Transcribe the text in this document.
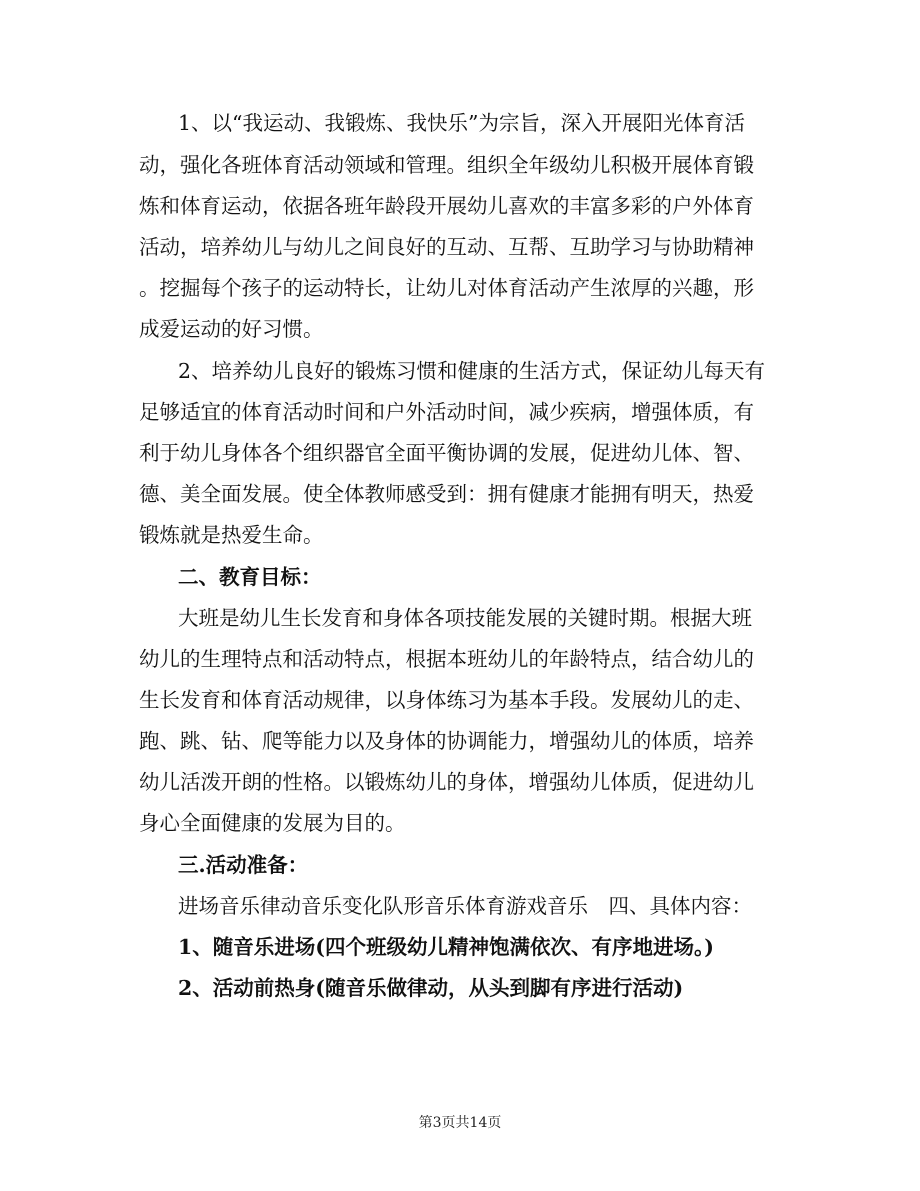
1、以“我运动、我锻炼、我快乐”为宗旨，深入开展阳光体育活
动，强化各班体育活动领域和管理。组织全年级幼儿积极开展体育锻
炼和体育运动，依据各班年龄段开展幼儿喜欢的丰富多彩的户外体育
活动，培养幼儿与幼儿之间良好的互动、互帮、互助学习与协助精神
。挖掘每个孩子的运动特长，让幼儿对体育活动产生浓厚的兴趣，形
成爱运动的好习惯。
2、培养幼儿良好的锻炼习惯和健康的生活方式，保证幼儿每天有
足够适宜的体育活动时间和户外活动时间，减少疾病，增强体质，有
利于幼儿身体各个组织器官全面平衡协调的发展，促进幼儿体、智、
德、美全面发展。使全体教师感受到：拥有健康才能拥有明天，热爱
锻炼就是热爱生命。
二、教育目标：
大班是幼儿生长发育和身体各项技能发展的关键时期。根据大班
幼儿的生理特点和活动特点，根据本班幼儿的年龄特点，结合幼儿的
生长发育和体育活动规律，以身体练习为基本手段。发展幼儿的走、
跑、跳、钻、爬等能力以及身体的协调能力，增强幼儿的体质，培养
幼儿活泼开朗的性格。以锻炼幼儿的身体，增强幼儿体质，促进幼儿
身心全面健康的发展为目的。
三.活动准备：
进场音乐律动音乐变化队形音乐体育游戏音乐　四、具体内容：
1、随音乐进场(四个班级幼儿精神饱满依次、有序地进场。)
2、活动前热身(随音乐做律动，从头到脚有序进行活动)
第3页共14页
